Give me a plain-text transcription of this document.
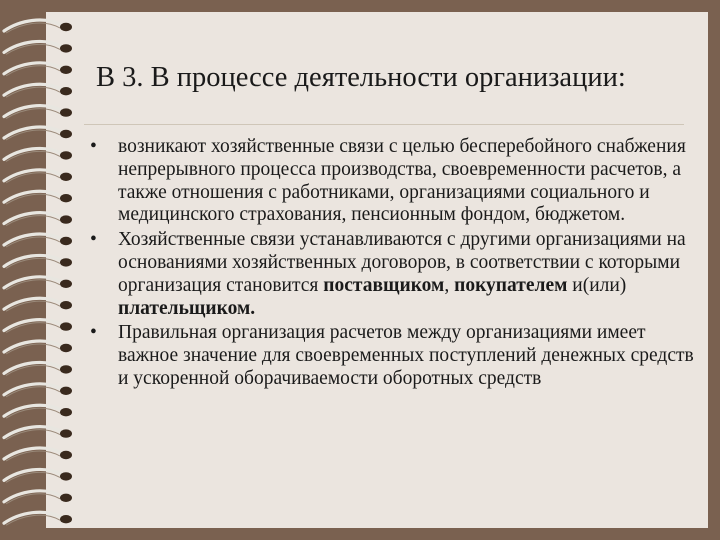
В 3. В процессе деятельности организации:
•	возникают хозяйственные связи с целью бесперебойного снабжения непрерывного процесса производства, своевременности расчетов, а также отношения с работниками, организациями социального и медицинского страхования, пенсионным фондом, бюджетом.
•	Хозяйственные связи устанавливаются с другими организациями на основаниями хозяйственных договоров, в соответствии с которыми организация становится поставщиком, покупателем и(или) плательщиком.
•	Правильная организация расчетов между организациями имеет важное значение для своевременных поступлений денежных средств и ускоренной оборачиваемости оборотных средств
